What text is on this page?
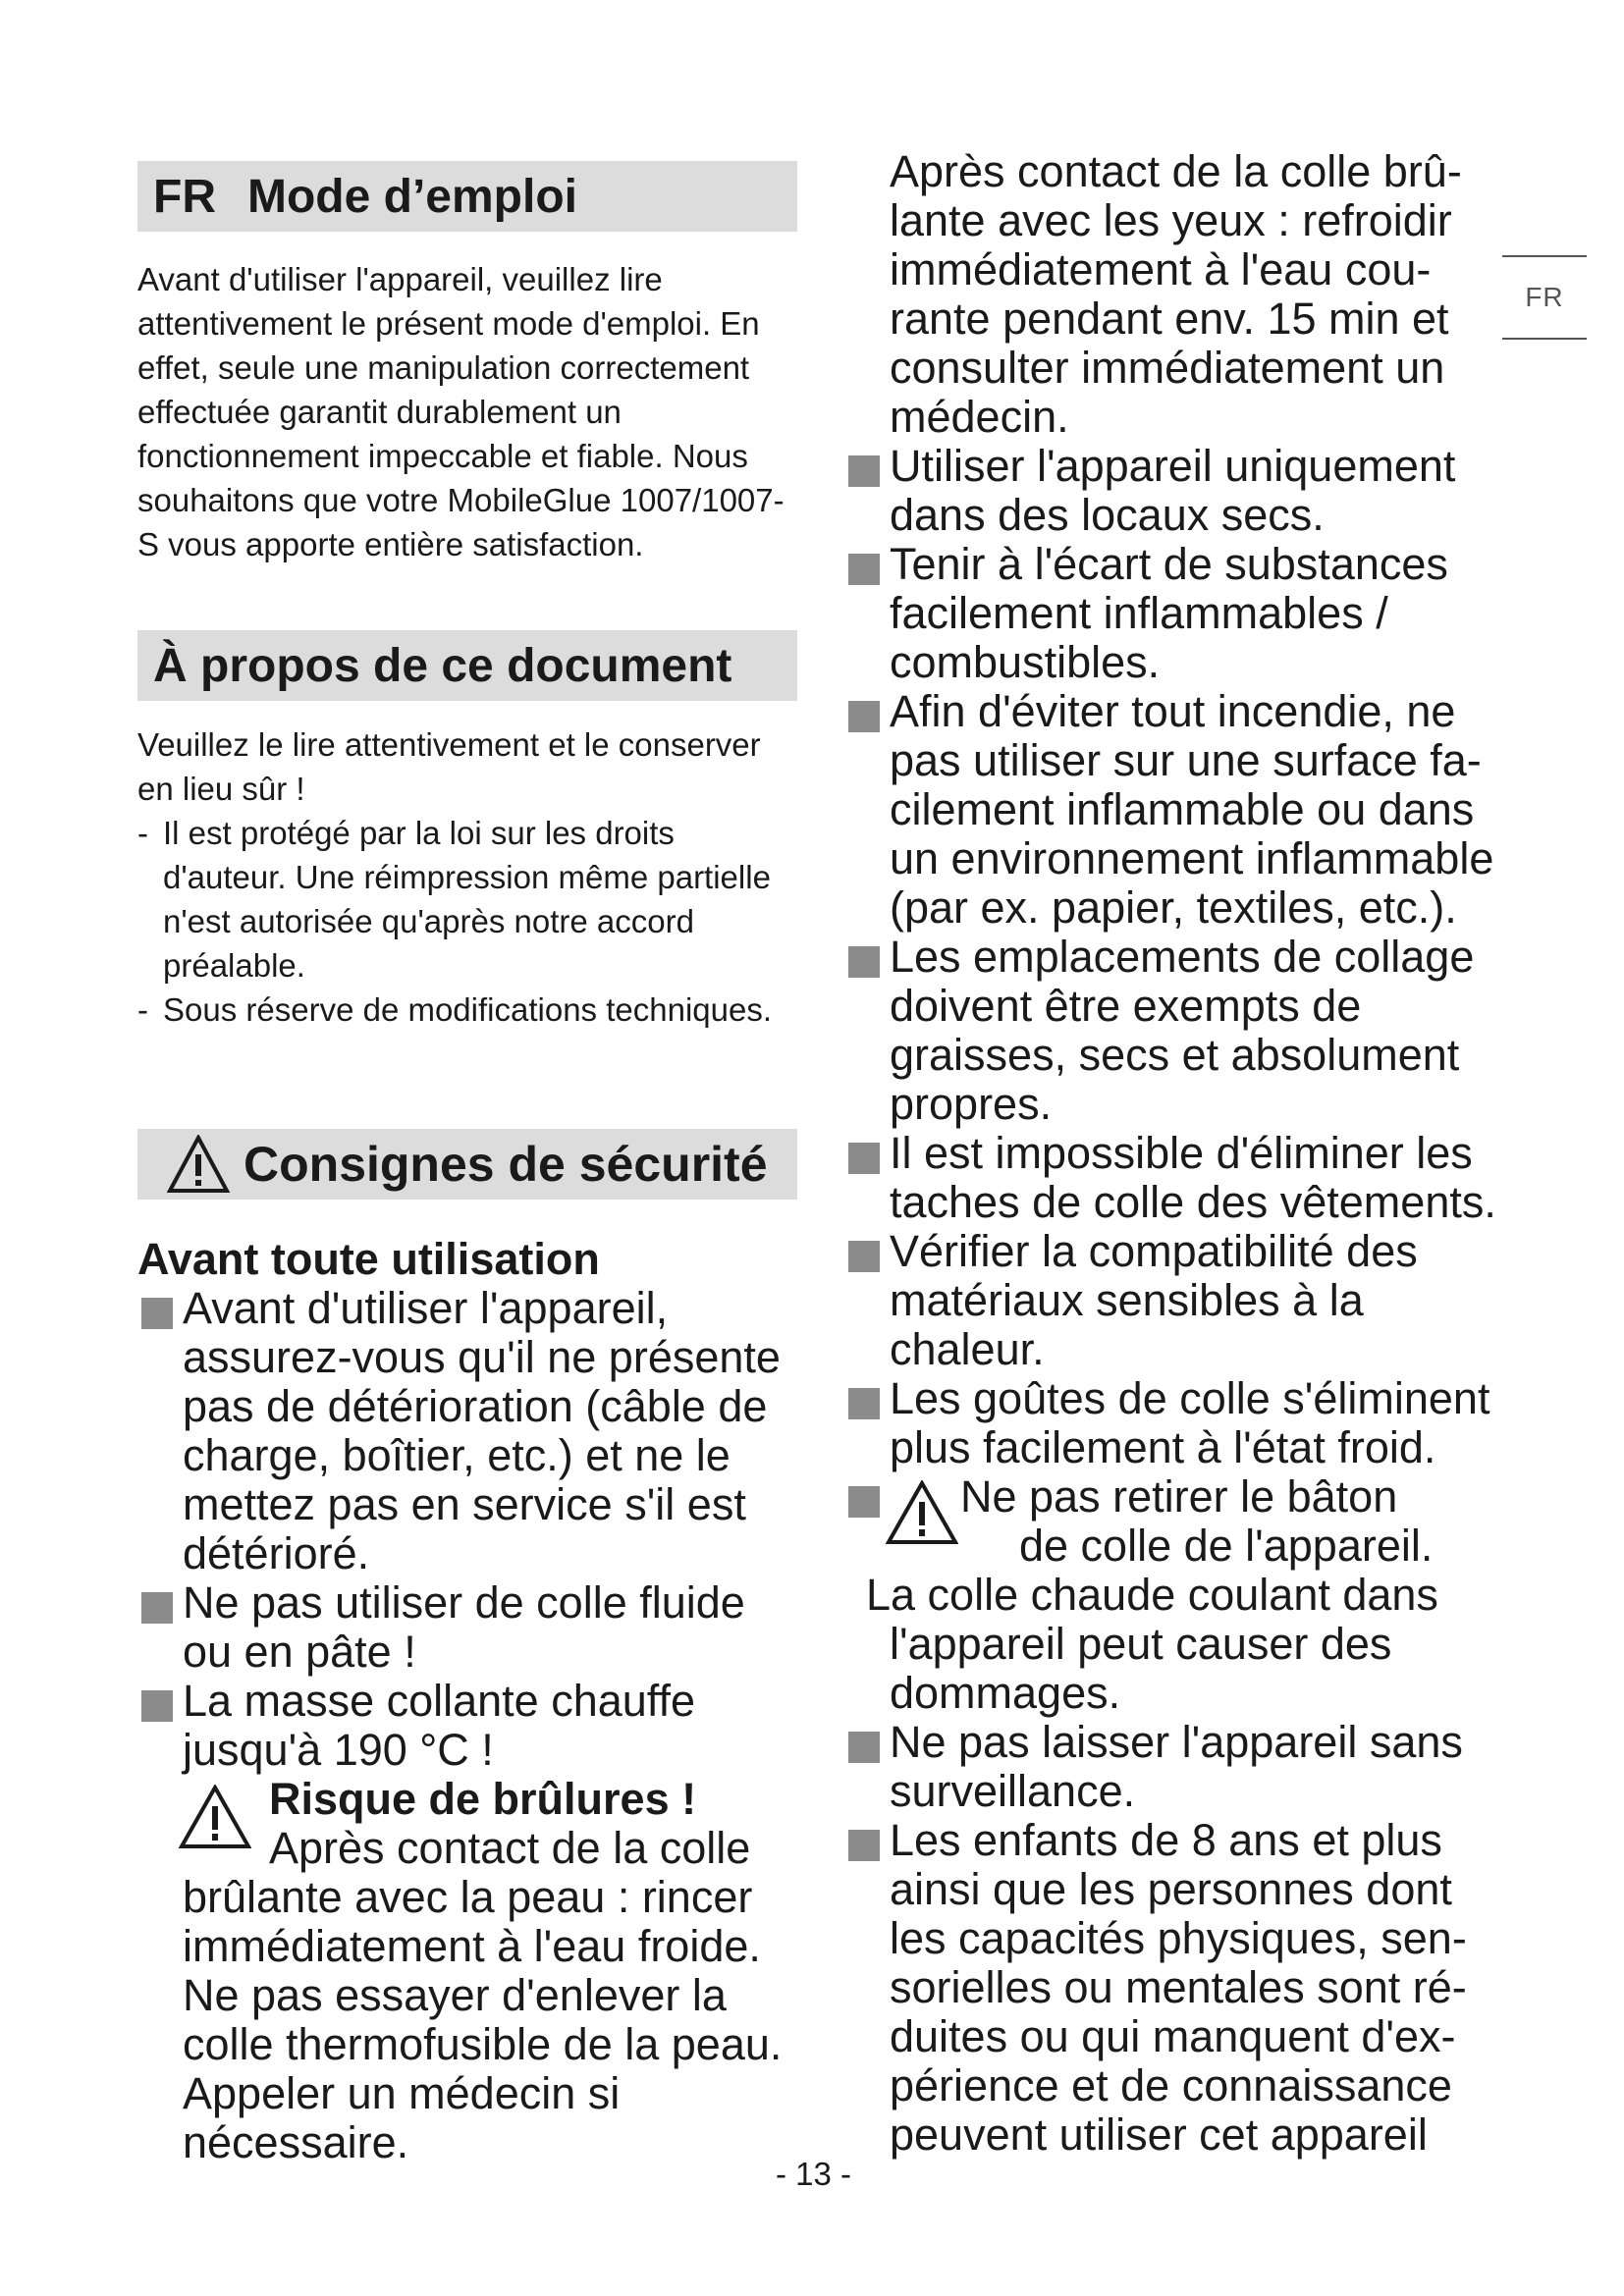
FR
FR Mode d’emploi

Avant d'utiliser l'appareil, veuillez lire attentivement le présent mode d'emploi. En effet, seule une manipulation correctement effectuée garantit durablement un fonctionnement impeccable et fiable. Nous souhaitons que votre MobileGlue 1007/1007-S vous apporte entière satisfaction.

À propos de ce document
Veuillez le lire attentivement et le conserver en lieu sûr !
- Il est protégé par la loi sur les droits d'auteur. Une réimpression même partielle n'est autorisée qu'après notre accord préalable.
- Sous réserve de modifications techniques.
Consignes de sécurité
Avant toute utilisation
Avant d'utiliser l'appareil, assurez-vous qu'il ne présente pas de détérioration (câble de charge, boîtier, etc.) et ne le mettez pas en service s'il est détérioré.
Ne pas utiliser de colle fluide ou en pâte !
La masse collante chauffe jusqu'à 190 °C !
Risque de brûlures !
Après contact de la colle brûlante avec la peau : rincer immédiatement à l'eau froide. Ne pas essayer d'enlever la colle thermofusible de la peau. Appeler un médecin si nécessaire.
Après contact de la colle brûlante avec les yeux : refroidir immédiatement à l'eau courante pendant env. 15 min et consulter immédiatement un médecin.
Utiliser l'appareil uniquement dans des locaux secs.
Tenir à l'écart de substances facilement inflammables / combustibles.
Afin d'éviter tout incendie, ne pas utiliser sur une surface facilement inflammable ou dans un environnement inflammable (par ex. papier, textiles, etc.).
Les emplacements de collage doivent être exempts de graisses, secs et absolument propres.
Il est impossible d'éliminer les taches de colle des vêtements.
Vérifier la compatibilité des matériaux sensibles à la chaleur.
Les goûtes de colle s'éliminent plus facilement à l'état froid.
Ne pas retirer le bâton
de colle de l'appareil.
La colle chaude coulant dans l'appareil peut causer des dommages.
Ne pas laisser l'appareil sans surveillance.
Les enfants de 8 ans et plus ainsi que les personnes dont les capacités physiques, sensorielles ou mentales sont réduites ou qui manquent d'expérience et de connaissance peuvent utiliser cet appareil
- 13 -
